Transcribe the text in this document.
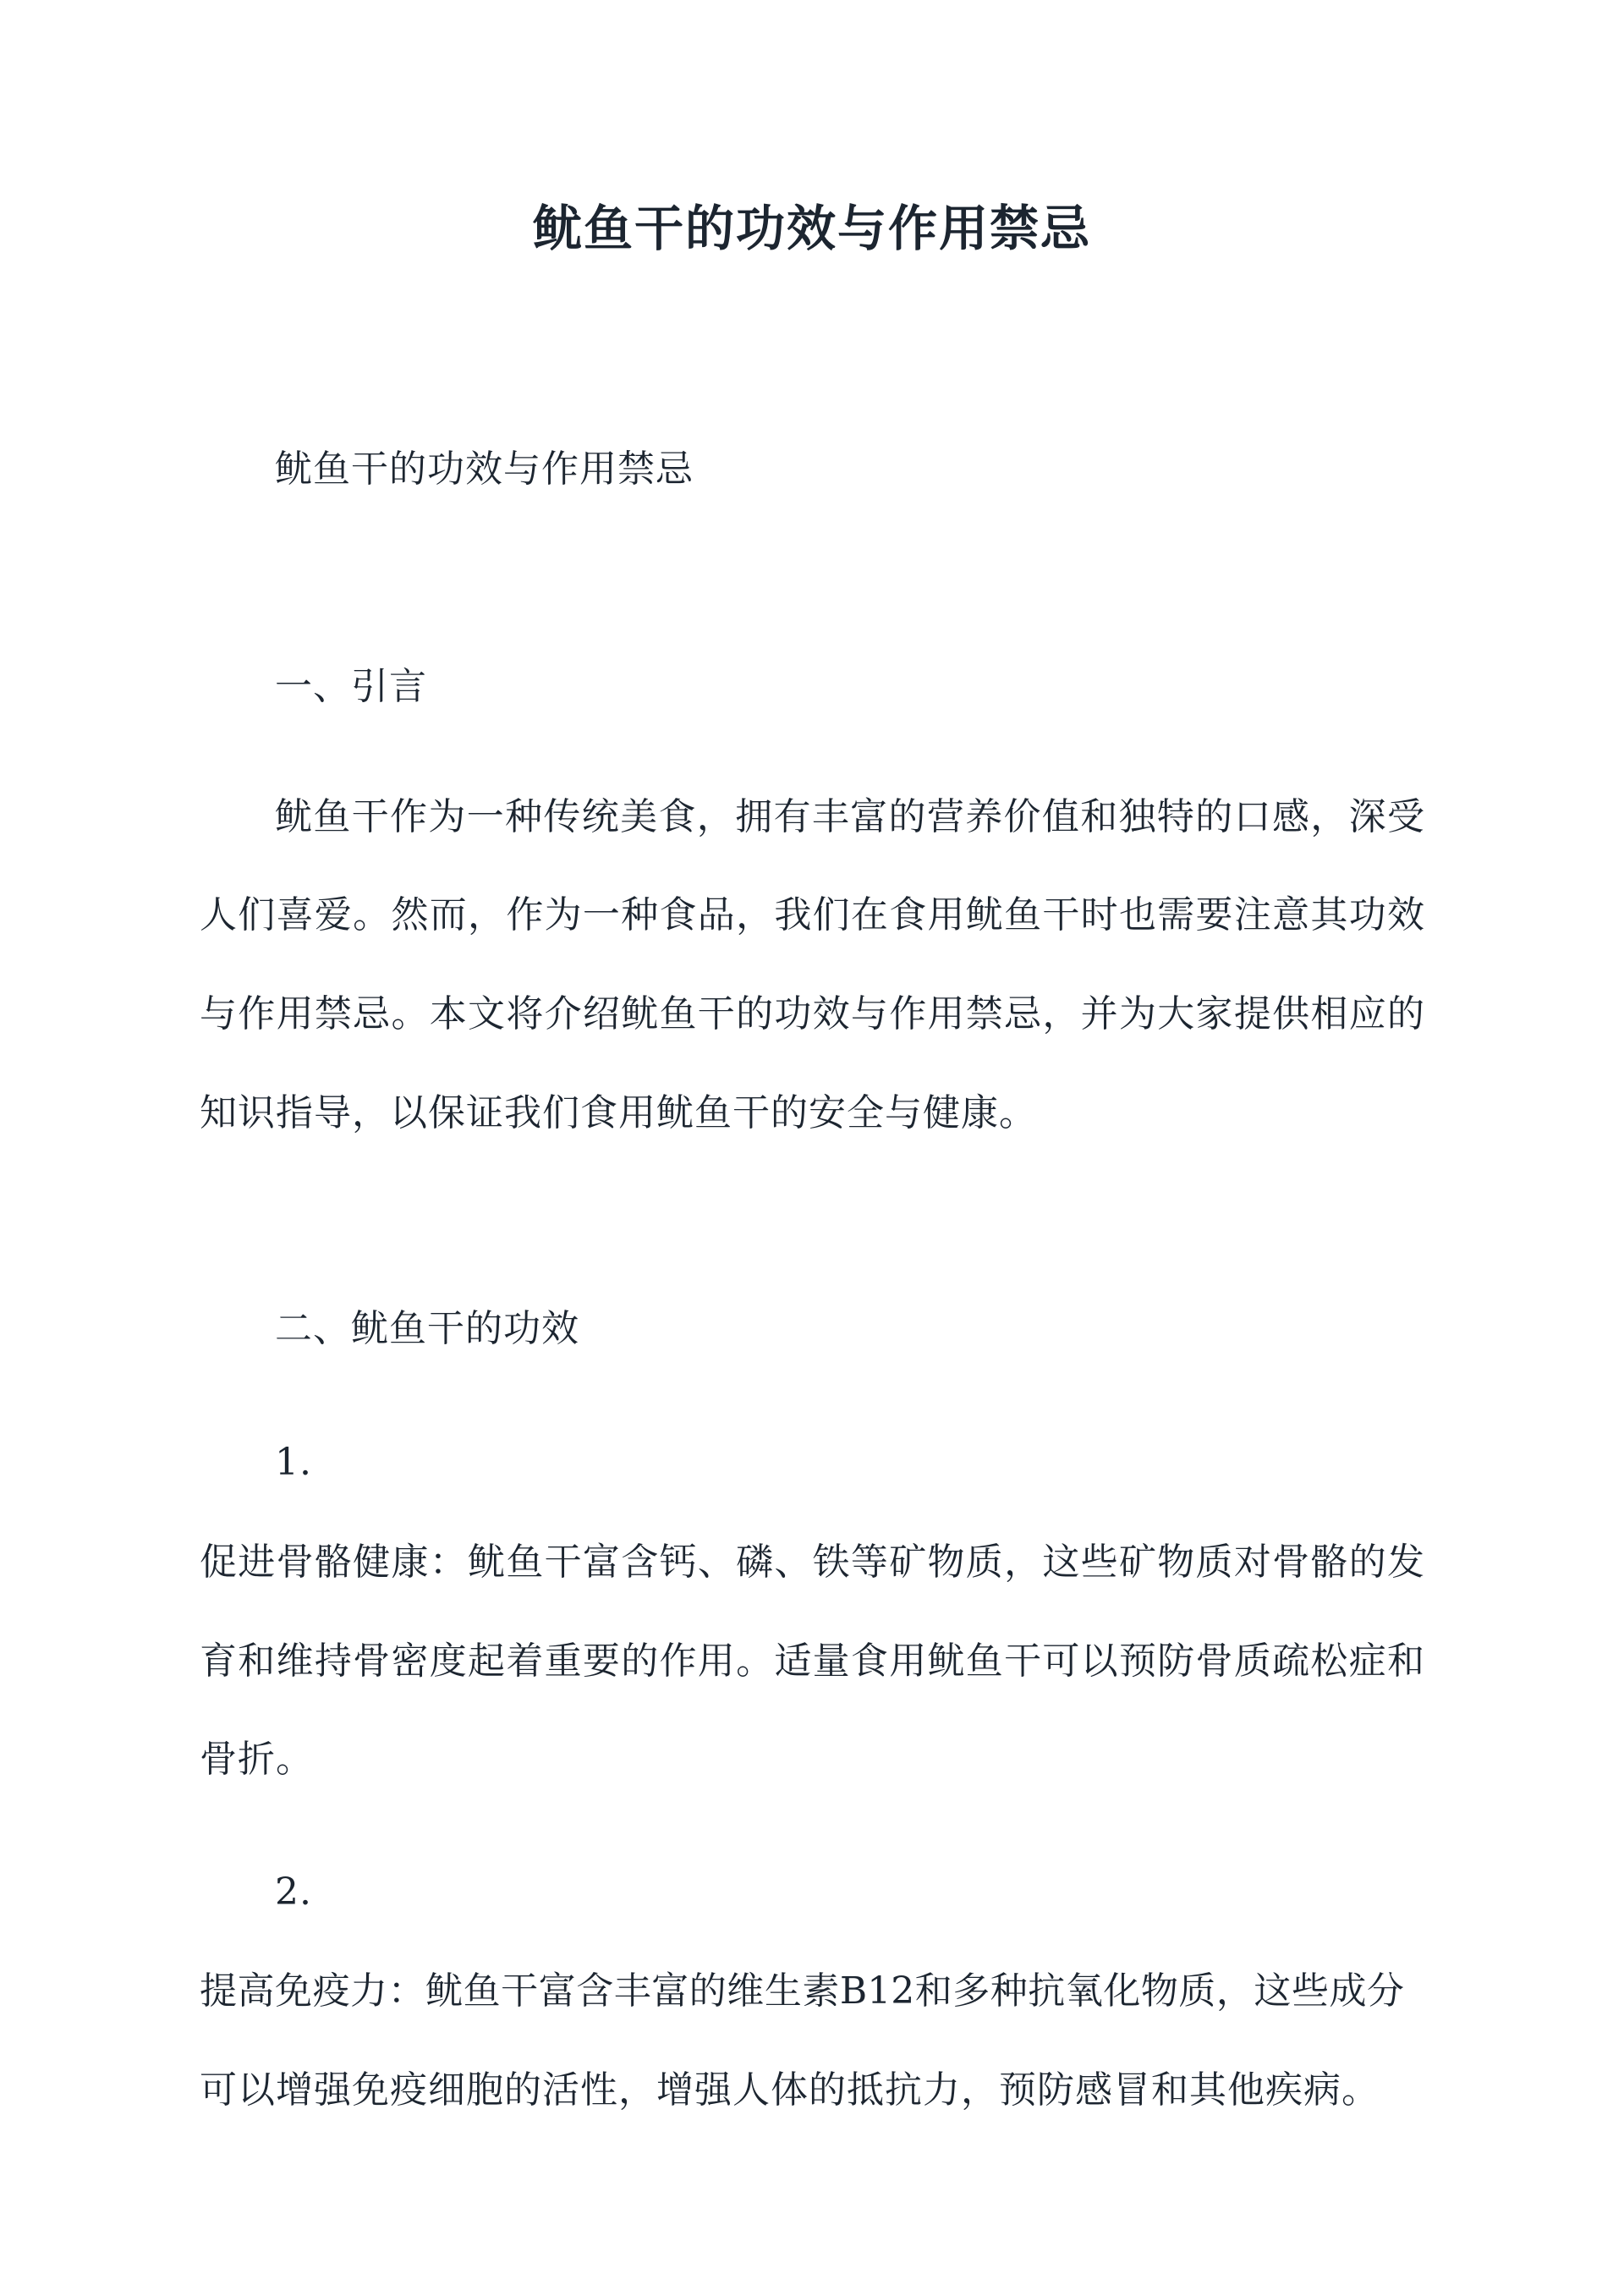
鱿鱼干的功效与作用禁忌
鱿鱼干的功效与作用禁忌
一、引言
鱿鱼干作为一种传统美食，拥有丰富的营养价值和独特的口感，深受
人们喜爱。然而，作为一种食品，我们在食用鱿鱼干时也需要注意其功效
与作用禁忌。本文将介绍鱿鱼干的功效与作用禁忌，并为大家提供相应的
知识指导，以保证我们食用鱿鱼干的安全与健康。
二、鱿鱼干的功效
1.
促进骨骼健康：鱿鱼干富含钙、磷、铁等矿物质，这些矿物质对骨骼的发
育和维持骨密度起着重要的作用。适量食用鱿鱼干可以预防骨质疏松症和
骨折。
2.
提高免疫力：鱿鱼干富含丰富的维生素B12和多种抗氧化物质，这些成分
可以增强免疫细胞的活性，增强人体的抵抗力，预防感冒和其他疾病。
